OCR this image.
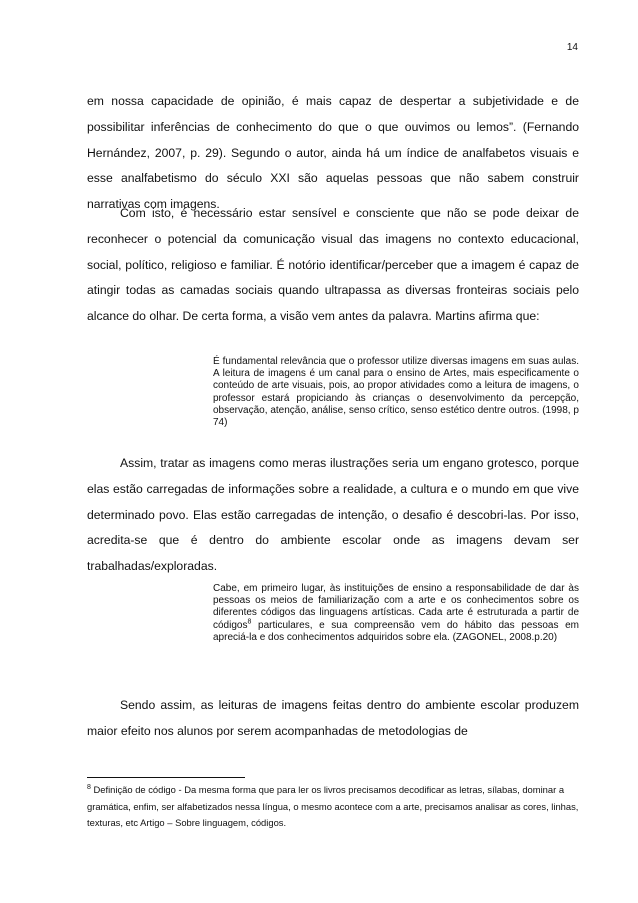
14

em nossa capacidade de opinião, é mais capaz de despertar a subjetividade e de possibilitar inferências de conhecimento do que o que ouvimos ou lemos”. (Fernando Hernández, 2007, p. 29). Segundo o autor, ainda há um índice de analfabetos visuais e esse analfabetismo do século XXI são aquelas pessoas que não sabem construir narrativas com imagens.

Com isto, é necessário estar sensível e consciente que não se pode deixar de reconhecer o potencial da comunicação visual das imagens no contexto educacional, social, político, religioso e familiar. É notório identificar/perceber que a imagem é capaz de atingir todas as camadas sociais quando ultrapassa as diversas fronteiras sociais pelo alcance do olhar. De certa forma, a visão vem antes da palavra. Martins afirma que:

É fundamental relevância que o professor utilize diversas imagens em suas aulas. A leitura de imagens é um canal para o ensino de Artes, mais especificamente o conteúdo de arte visuais, pois, ao propor atividades como a leitura de imagens, o professor estará propiciando às crianças o desenvolvimento da percepção, observação, atenção, análise, senso crítico, senso estético dentre outros. (1998, p 74)

Assim, tratar as imagens como meras ilustrações seria um engano grotesco, porque elas estão carregadas de informações sobre a realidade, a cultura e o mundo em que vive determinado povo. Elas estão carregadas de intenção, o desafio é descobri-las. Por isso, acredita-se que é dentro do ambiente escolar onde as imagens devam ser trabalhadas/exploradas.

Cabe, em primeiro lugar, às instituições de ensino a responsabilidade de dar às pessoas os meios de familiarização com a arte e os conhecimentos sobre os diferentes códigos das linguagens artísticas. Cada arte é estruturada a partir de códigos$^8$ particulares, e sua compreensão vem do hábito das pessoas em apreciá-la e dos conhecimentos adquiridos sobre ela. (ZAGONEL, 2008.p.20)

Sendo assim, as leituras de imagens feitas dentro do ambiente escolar produzem maior efeito nos alunos por serem acompanhadas de metodologias de

$^8$ Definição de código - Da mesma forma que para ler os livros precisamos decodificar as letras, sílabas, dominar a gramática, enfim, ser alfabetizados nessa língua, o mesmo acontece com a arte, precisamos analisar as cores, linhas, texturas, etc Artigo – Sobre linguagem, códigos.
